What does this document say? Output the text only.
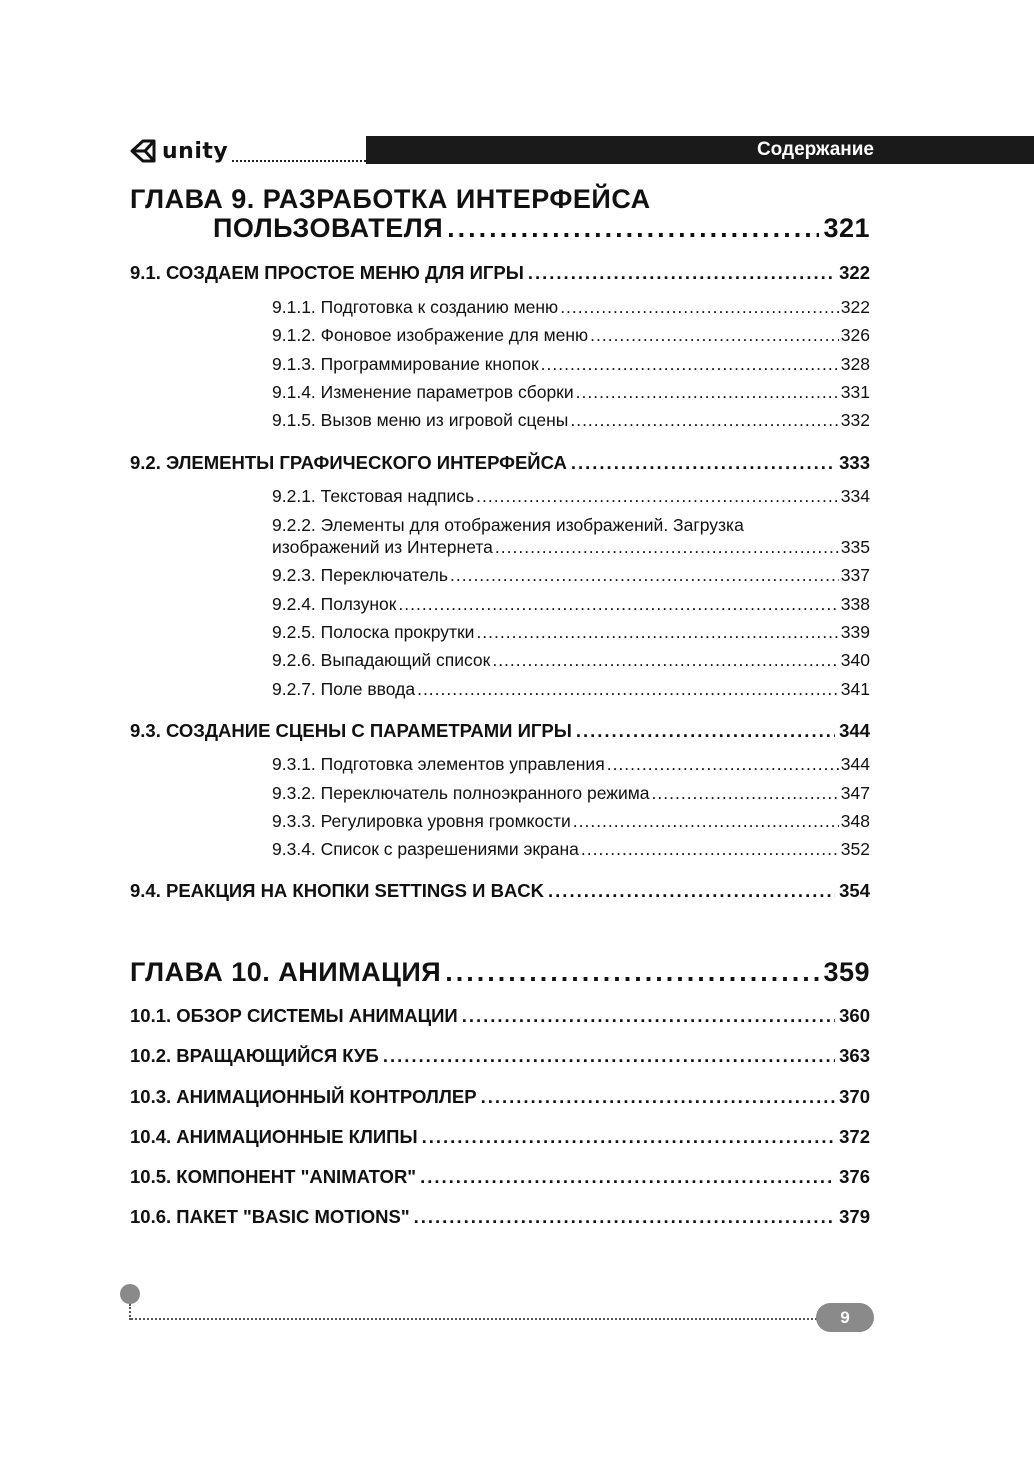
unity	Содержание
ГЛАВА 9. РАЗРАБОТКА ИНТЕРФЕЙСА
ПОЛЬЗОВАТЕЛЯ .....	321
9.1. СОЗДАЕМ ПРОСТОЕ МЕНЮ ДЛЯ ИГРЫ .....	322
9.1.1. Подготовка к созданию меню .....	322
9.1.2. Фоновое изображение для меню .....	326
9.1.3. Программирование кнопок .....	328
9.1.4. Изменение параметров сборки .....	331
9.1.5. Вызов меню из игровой сцены .....	332
9.2. ЭЛЕМЕНТЫ ГРАФИЧЕСКОГО ИНТЕРФЕЙСА .....	333
9.2.1. Текстовая надпись .....	334
9.2.2. Элементы для отображения изображений. Загрузка
изображений из Интернета .....	335
9.2.3. Переключатель .....	337
9.2.4. Ползунок .....	338
9.2.5. Полоска прокрутки .....	339
9.2.6. Выпадающий список .....	340
9.2.7. Поле ввода .....	341
9.3. СОЗДАНИЕ СЦЕНЫ С ПАРАМЕТРАМИ ИГРЫ .....	344
9.3.1. Подготовка элементов управления .....	344
9.3.2. Переключатель полноэкранного режима .....	347
9.3.3. Регулировка уровня громкости .....	348
9.3.4. Список с разрешениями экрана .....	352
9.4. РЕАКЦИЯ НА КНОПКИ SETTINGS И BACK .....	354
ГЛАВА 10. АНИМАЦИЯ .....	359
10.1. ОБЗОР СИСТЕМЫ АНИМАЦИИ .....	360
10.2. ВРАЩАЮЩИЙСЯ КУБ .....	363
10.3. АНИМАЦИОННЫЙ КОНТРОЛЛЕР .....	370
10.4. АНИМАЦИОННЫЕ КЛИПЫ .....	372
10.5. КОМПОНЕНТ "ANIMATOR" .....	376
10.6. ПАКЕТ "BASIC MOTIONS" .....	379
9
